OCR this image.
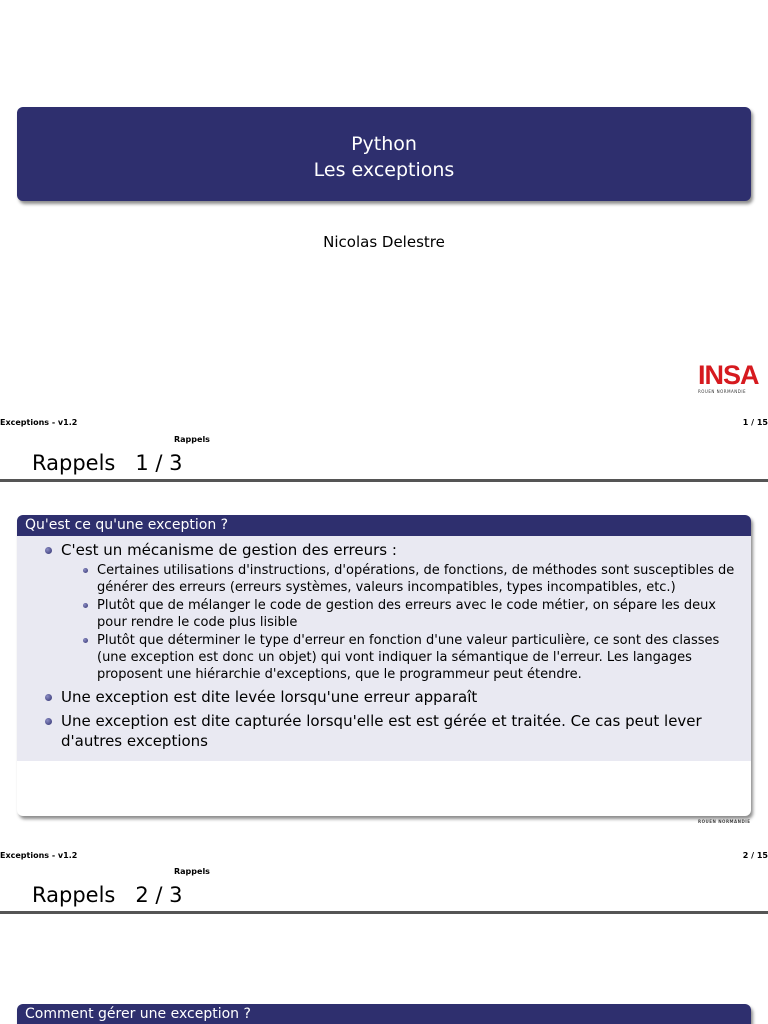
Python
Les exceptions
Nicolas Delestre
INSA
ROUEN NORMANDIE
Exceptions - v1.2	1 / 15
Rappels
Rappels   1 / 3
Qu'est ce qu'une exception ?
C'est un mécanisme de gestion des erreurs :
Certaines utilisations d'instructions, d'opérations, de fonctions, de méthodes sont susceptibles de générer des erreurs (erreurs systèmes, valeurs incompatibles, types incompatibles, etc.)
Plutôt que de mélanger le code de gestion des erreurs avec le code métier, on sépare les deux pour rendre le code plus lisible
Plutôt que déterminer le type d'erreur en fonction d'une valeur particulière, ce sont des classes (une exception est donc un objet) qui vont indiquer la sémantique de l'erreur. Les langages proposent une hiérarchie d'exceptions, que le programmeur peut étendre.
Une exception est dite levée lorsqu'une erreur apparaît
Une exception est dite capturée lorsqu'elle est est gérée et traitée. Ce cas peut lever d'autres exceptions
ROUEN NORMANDIE
Exceptions - v1.2	2 / 15
Rappels
Rappels   2 / 3
Comment gérer une exception ?
